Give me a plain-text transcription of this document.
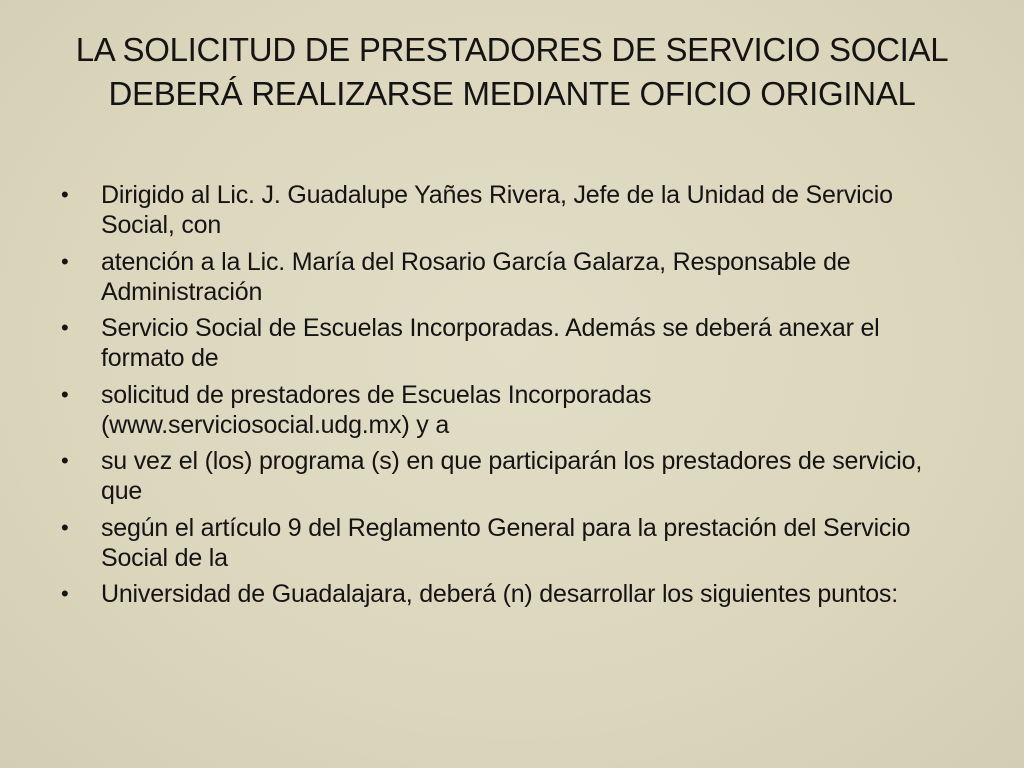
LA SOLICITUD DE PRESTADORES DE SERVICIO SOCIAL
DEBERÁ REALIZARSE MEDIANTE OFICIO ORIGINAL
• Dirigido al Lic. J. Guadalupe Yañes Rivera, Jefe de la Unidad de Servicio Social, con
• atención a la Lic. María del Rosario García Galarza, Responsable de Administración
• Servicio Social de Escuelas Incorporadas. Además se deberá anexar el formato de
• solicitud de prestadores de Escuelas Incorporadas (www.serviciosocial.udg.mx) y a
• su vez el (los) programa (s) en que participarán los prestadores de servicio, que
• según el artículo 9 del Reglamento General para la prestación del Servicio Social de la
• Universidad de Guadalajara, deberá (n) desarrollar los siguientes puntos:
